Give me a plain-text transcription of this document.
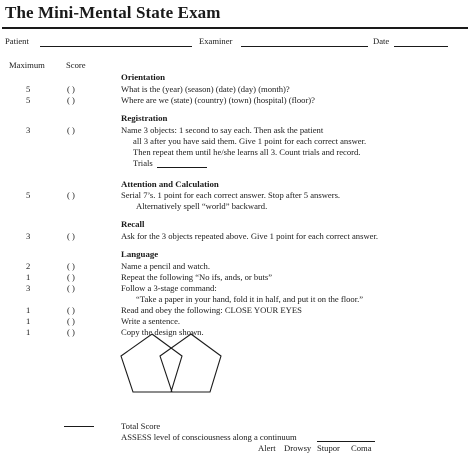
The Mini-Mental State Exam
Patient	Examiner	Date
Maximum Score
Orientation
5	( )	What is the (year) (season) (date) (day) (month)?
5	( )	Where are we (state) (country) (town) (hospital) (floor)?
Registration
3	( )	Name 3 objects: 1 second to say each. Then ask the patient
all 3 after you have said them. Give 1 point for each correct answer.
Then repeat them until he/she learns all 3. Count trials and record.
Trials
Attention and Calculation
5	( )	Serial 7’s. 1 point for each correct answer. Stop after 5 answers.
Alternatively spell “world” backward.
Recall
3	( )	Ask for the 3 objects repeated above. Give 1 point for each correct answer.
Language
2	( )	Name a pencil and watch.
1	( )	Repeat the following “No ifs, ands, or buts”
3	( )	Follow a 3-stage command:
“Take a paper in your hand, fold it in half, and put it on the floor.”
1	( )	Read and obey the following: CLOSE YOUR EYES
1	( )	Write a sentence.
1	( )	Copy the design shown.
Total Score
ASSESS level of consciousness along a continuum
Alert Drowsy Stupor Coma
